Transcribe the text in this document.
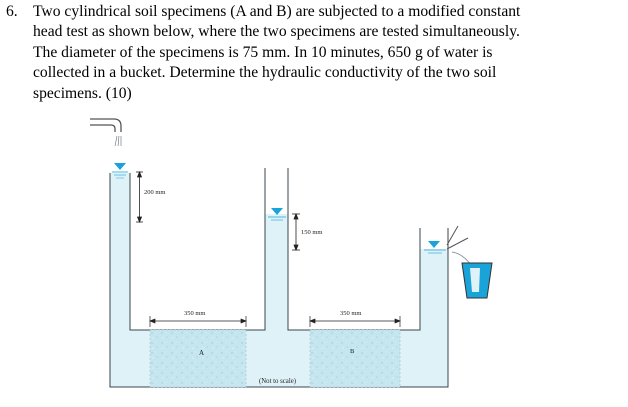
6. Two cylindrical soil specimens (A and B) are subjected to a modified constant

head test as shown below, where the two specimens are tested simultaneously.

The diameter of the specimens is 75 mm. In 10 minutes, 650 g of water is

collected in a bucket. Determine the hydraulic conductivity of the two soil

specimens. (10)

A	B
200 mm
150 mm
350 mm	350 mm
(Not to scale)
